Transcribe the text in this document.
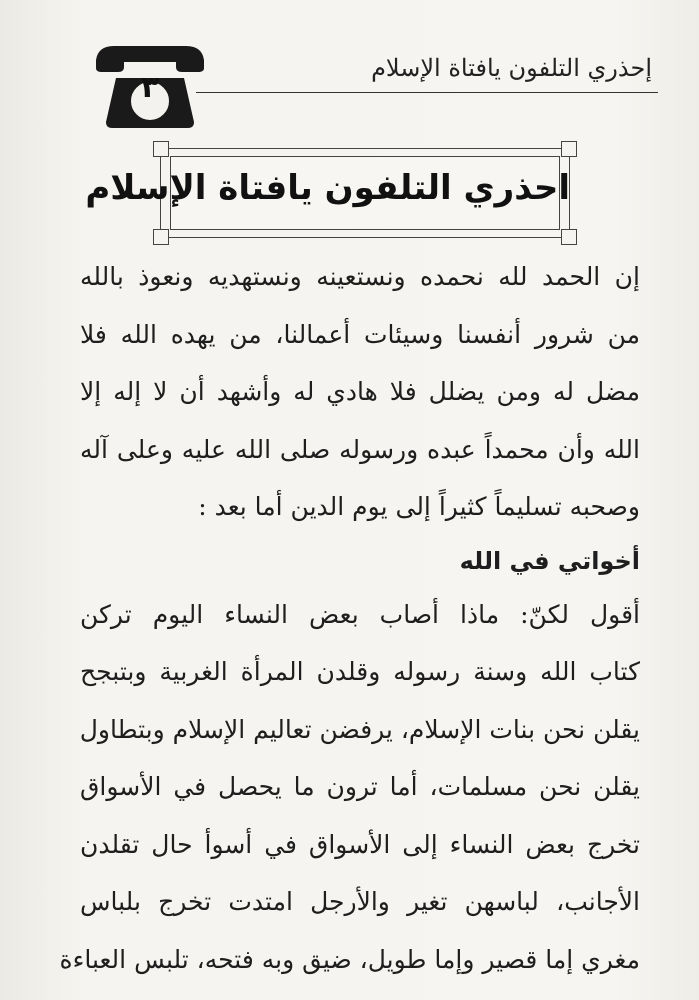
إحذري التلفون يافتاة الإسلام
٣
احذري التلفون يافتاة الإسلام
إن الحمد لله نحمده ونستعينه ونستهديه ونعوذ بالله
من شرور أنفسنا وسيئات أعمالنا، من يهده الله فلا
مضل له ومن يضلل فلا هادي له وأشهد أن لا إله إلا
الله وأن محمداً عبده ورسوله صلى الله عليه وعلى آله
وصحبه تسليماً كثيراً إلى يوم الدين أما بعد :
أخواتي في الله
أقول لكنّ: ماذا أصاب بعض النساء اليوم تركن
كتاب الله وسنة رسوله وقلدن المرأة الغربية وبتبجح
يقلن نحن بنات الإسلام، يرفضن تعاليم الإسلام وبتطاول
يقلن نحن مسلمات، أما ترون ما يحصل في الأسواق
تخرج بعض النساء إلى الأسواق في أسوأ حال تقلدن
الأجانب، لباسهن تغير والأرجل امتدت تخرج بلباس
مغري إما قصير وإما طويل، ضيق وبه فتحه، تلبس العباءة
